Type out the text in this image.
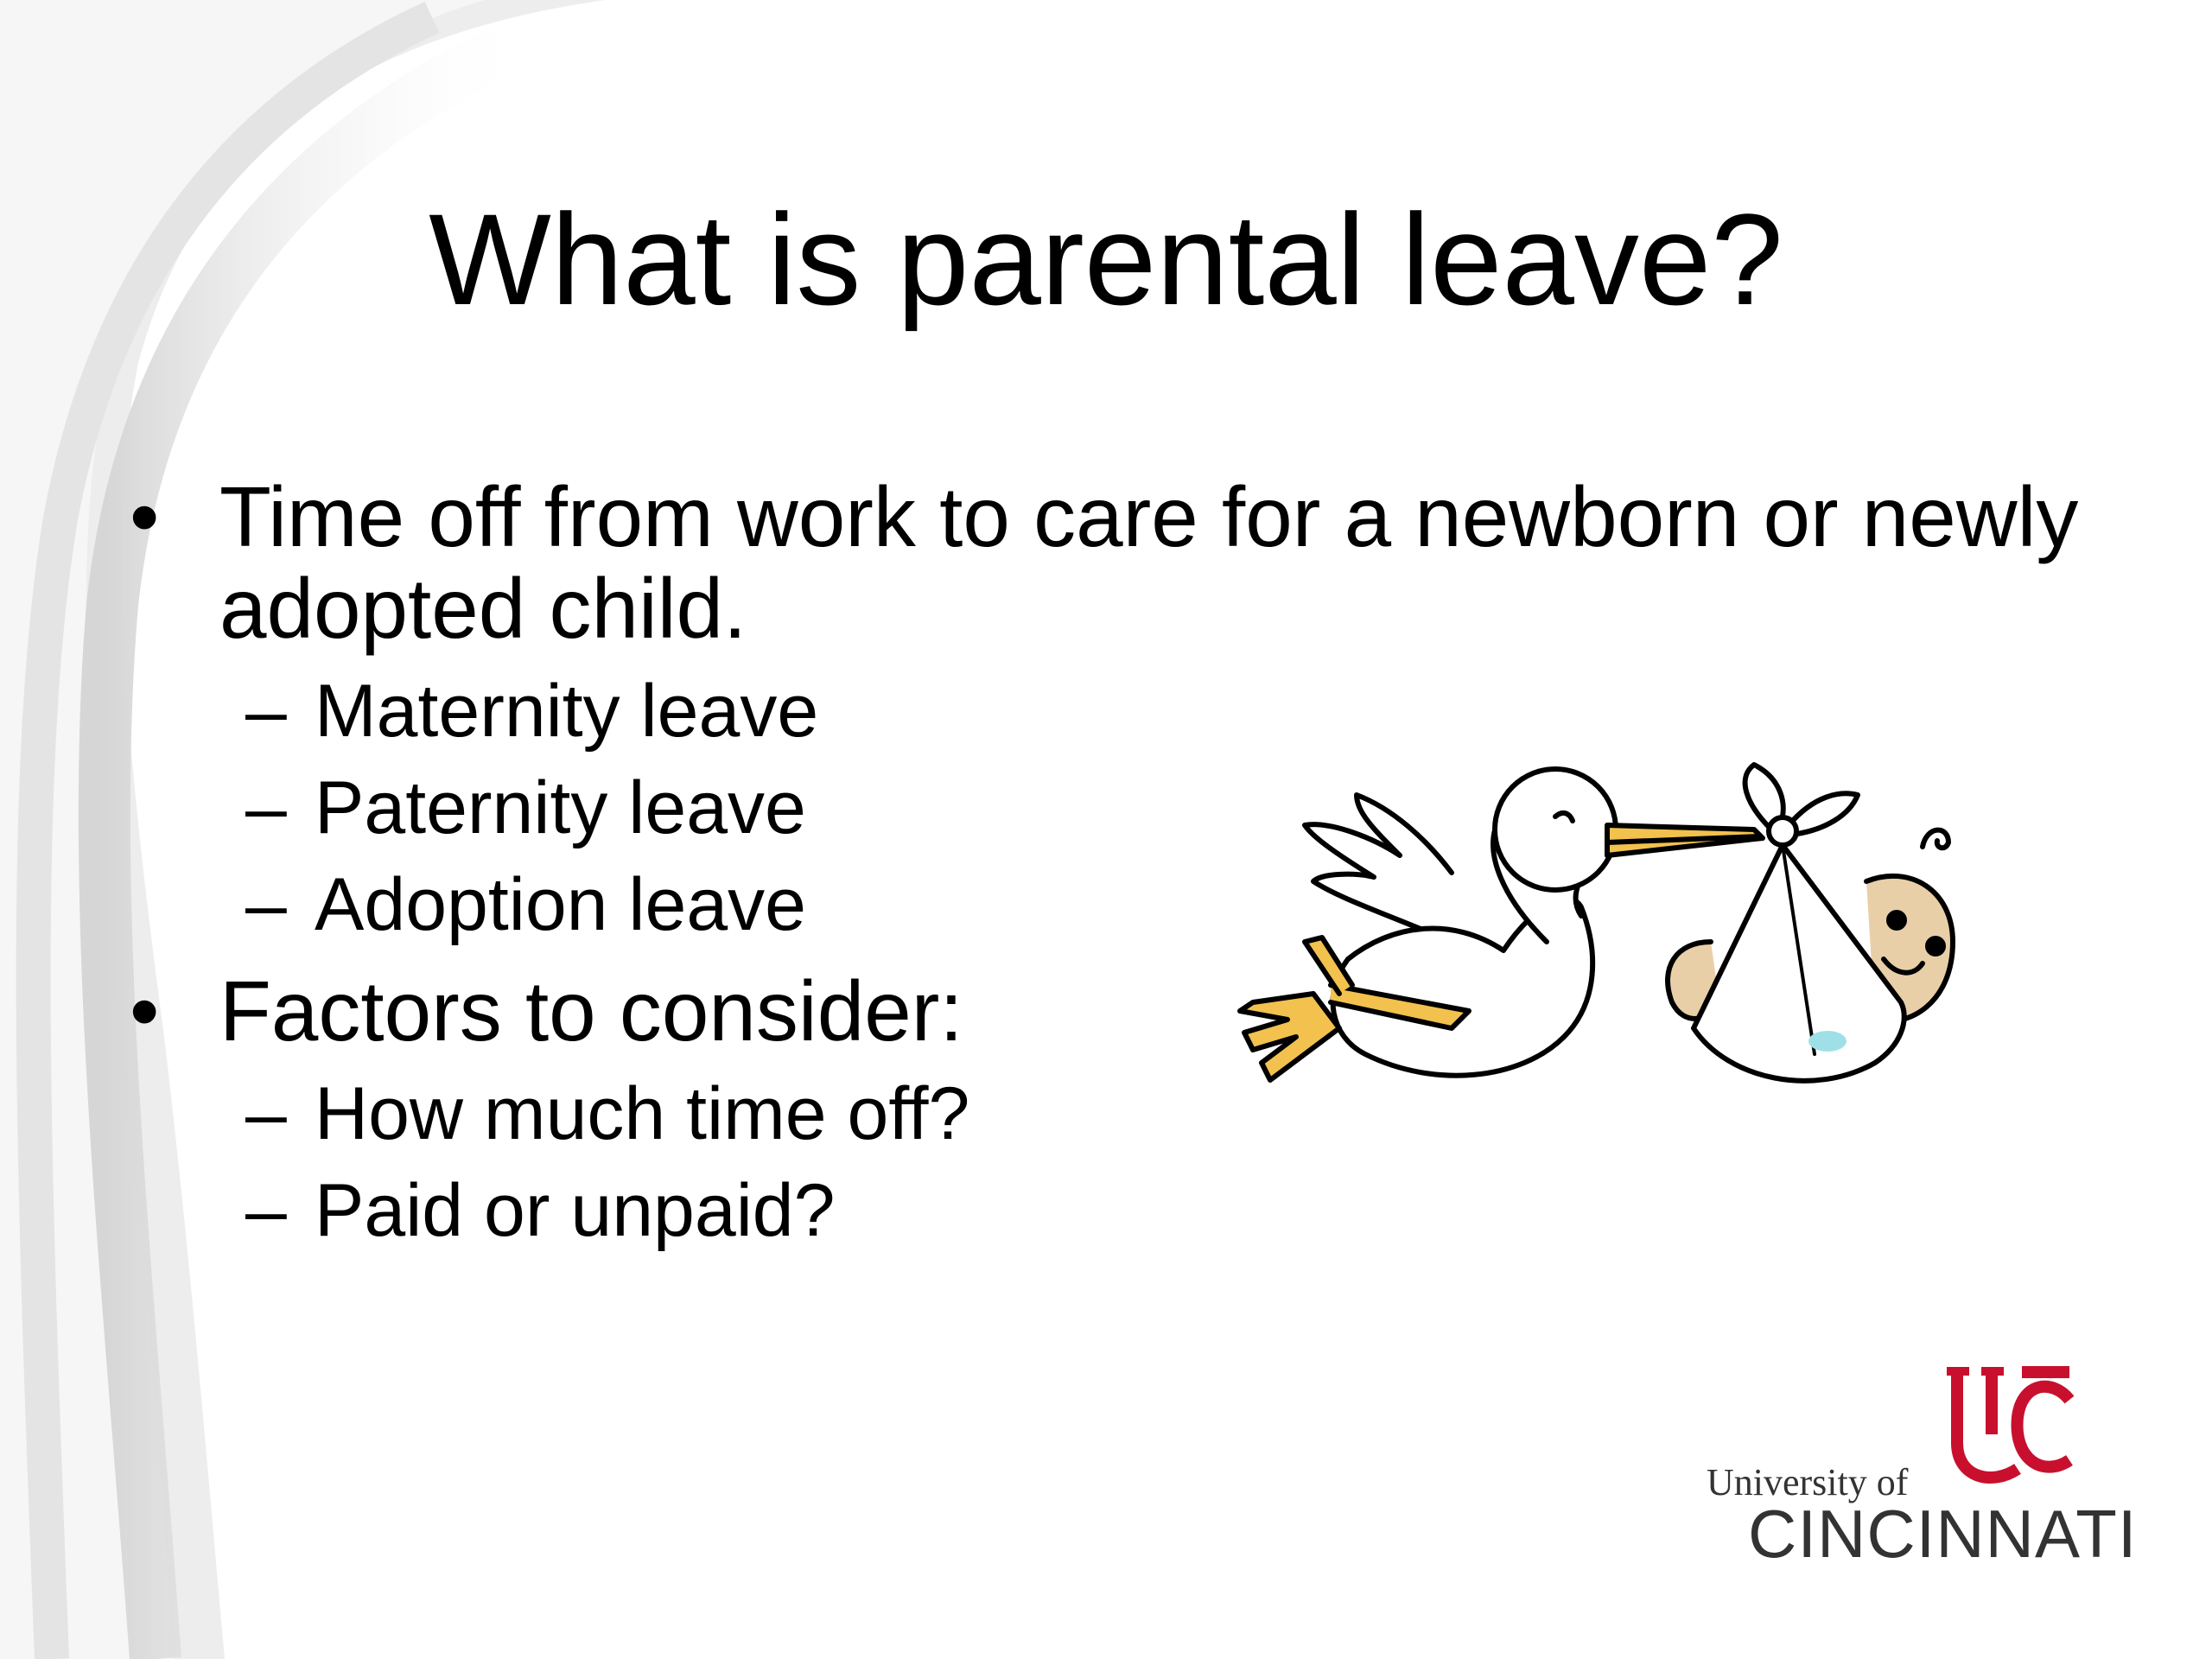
What is parental leave?
• Time off from work to care for a newborn or newly adopted child.
– Maternity leave
– Paternity leave
– Adoption leave
• Factors to consider:
– How much time off?
– Paid or unpaid?
University of
CINCINNATI
